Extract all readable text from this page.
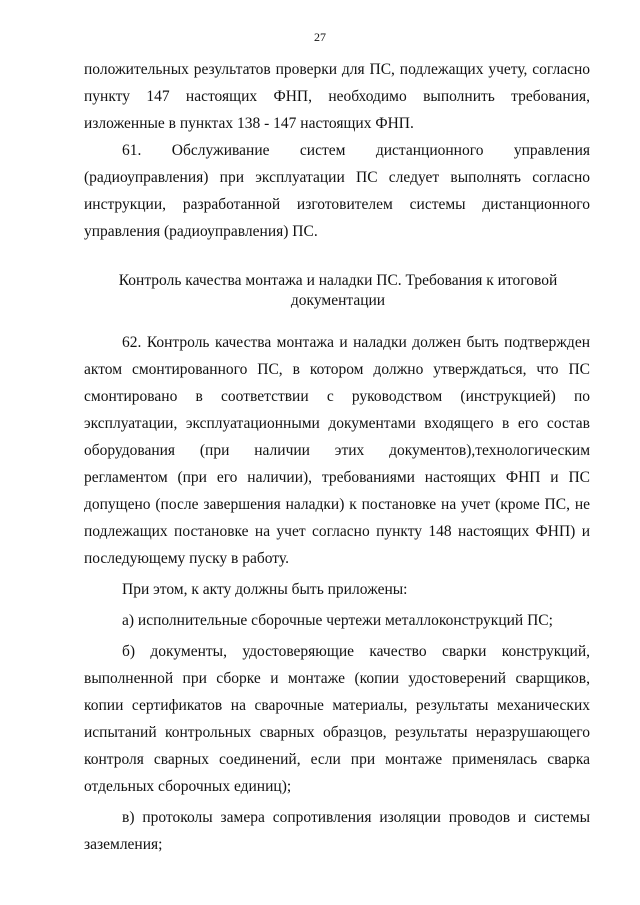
27

положительных результатов проверки для ПС, подлежащих учету, согласно пункту 147 настоящих ФНП, необходимо выполнить требования, изложенные в пунктах 138 - 147 настоящих ФНП.

61. Обслуживание систем дистанционного управления (радиоуправления) при эксплуатации ПС следует выполнять согласно инструкции, разработанной изготовителем системы дистанционного управления (радиоуправления) ПС.

Контроль качества монтажа и наладки ПС. Требования к итоговой документации

62. Контроль качества монтажа и наладки должен быть подтвержден актом смонтированного ПС, в котором должно утверждаться, что ПС смонтировано в соответствии с руководством (инструкцией) по эксплуатации, эксплуатационными документами входящего в его состав оборудования (при наличии этих документов),технологическим регламентом (при его наличии), требованиями настоящих ФНП и ПС допущено (после завершения наладки) к постановке на учет (кроме ПС, не подлежащих постановке на учет согласно пункту 148 настоящих ФНП) и последующему пуску в работу.

При этом, к акту должны быть приложены:

а) исполнительные сборочные чертежи металлоконструкций ПС;

б) документы, удостоверяющие качество сварки конструкций, выполненной при сборке и монтаже (копии удостоверений сварщиков, копии сертификатов на сварочные материалы, результаты механических испытаний контрольных сварных образцов, результаты неразрушающего контроля сварных соединений, если при монтаже применялась сварка отдельных сборочных единиц);

в) протоколы замера сопротивления изоляции проводов и системы заземления;
